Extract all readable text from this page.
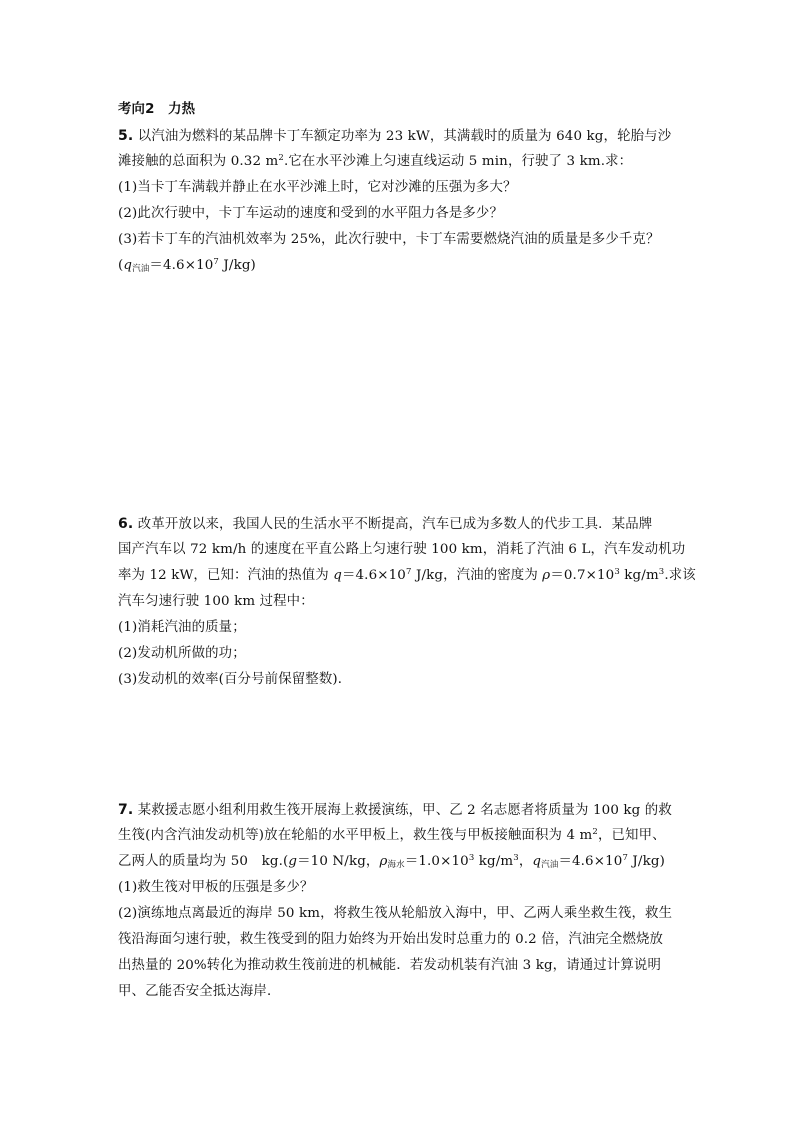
考向2　 力热
5. 以汽油为燃料的某品牌卡丁车额定功率为 23 kW，其满载时的质量为 640 kg，轮胎与沙
滩接触的总面积为 0.32 $m^2$.它在水平沙滩上匀速直线运动 5 min，行驶了 3 km.求：
(1)当卡丁车满载并静止在水平沙滩上时，它对沙滩的压强为多大？
(2)此次行驶中，卡丁车运动的速度和受到的水平阻力各是多少？
(3)若卡丁车的汽油机效率为 25%，此次行驶中，卡丁车需要燃烧汽油的质量是多少千克？
($q_{汽油}=4.6\times 10^7$ J/kg)
6. 改革开放以来，我国人民的生活水平不断提高，汽车已成为多数人的代步工具．某品牌
国产汽车以 72 km/h 的速度在平直公路上匀速行驶 100 km，消耗了汽油 6 L，汽车发动机功
率为 12 kW，已知：汽油的热值为 $q=4.6\times 10^7$ J/kg，汽油的密度为 $\rho=0.7\times 10^3$ $kg/m^3$.求该
汽车匀速行驶 100 km 过程中：
(1)消耗汽油的质量；
(2)发动机所做的功；
(3)发动机的效率(百分号前保留整数)．
7. 某救援志愿小组利用救生筏开展海上救援演练，甲、乙 2 名志愿者将质量为 100 kg 的救
生筏(内含汽油发动机等)放在轮船的水平甲板上，救生筏与甲板接触面积为 4 $m^2$，已知甲、
乙两人的质量均为 50　kg.(g＝10 N/kg，$\rho_{海水}=1.0\times 10^3$ $kg/m^3$，$q_{汽油}=4.6\times 10^7$ J/kg)
(1)救生筏对甲板的压强是多少？
(2)演练地点离最近的海岸 50 km，将救生筏从轮船放入海中，甲、乙两人乘坐救生筏，救生
筏沿海面匀速行驶，救生筏受到的阻力始终为开始出发时总重力的 0.2 倍，汽油完全燃烧放
出热量的 20%转化为推动救生筏前进的机械能．若发动机装有汽油 3 kg，请通过计算说明
甲、乙能否安全抵达海岸．
